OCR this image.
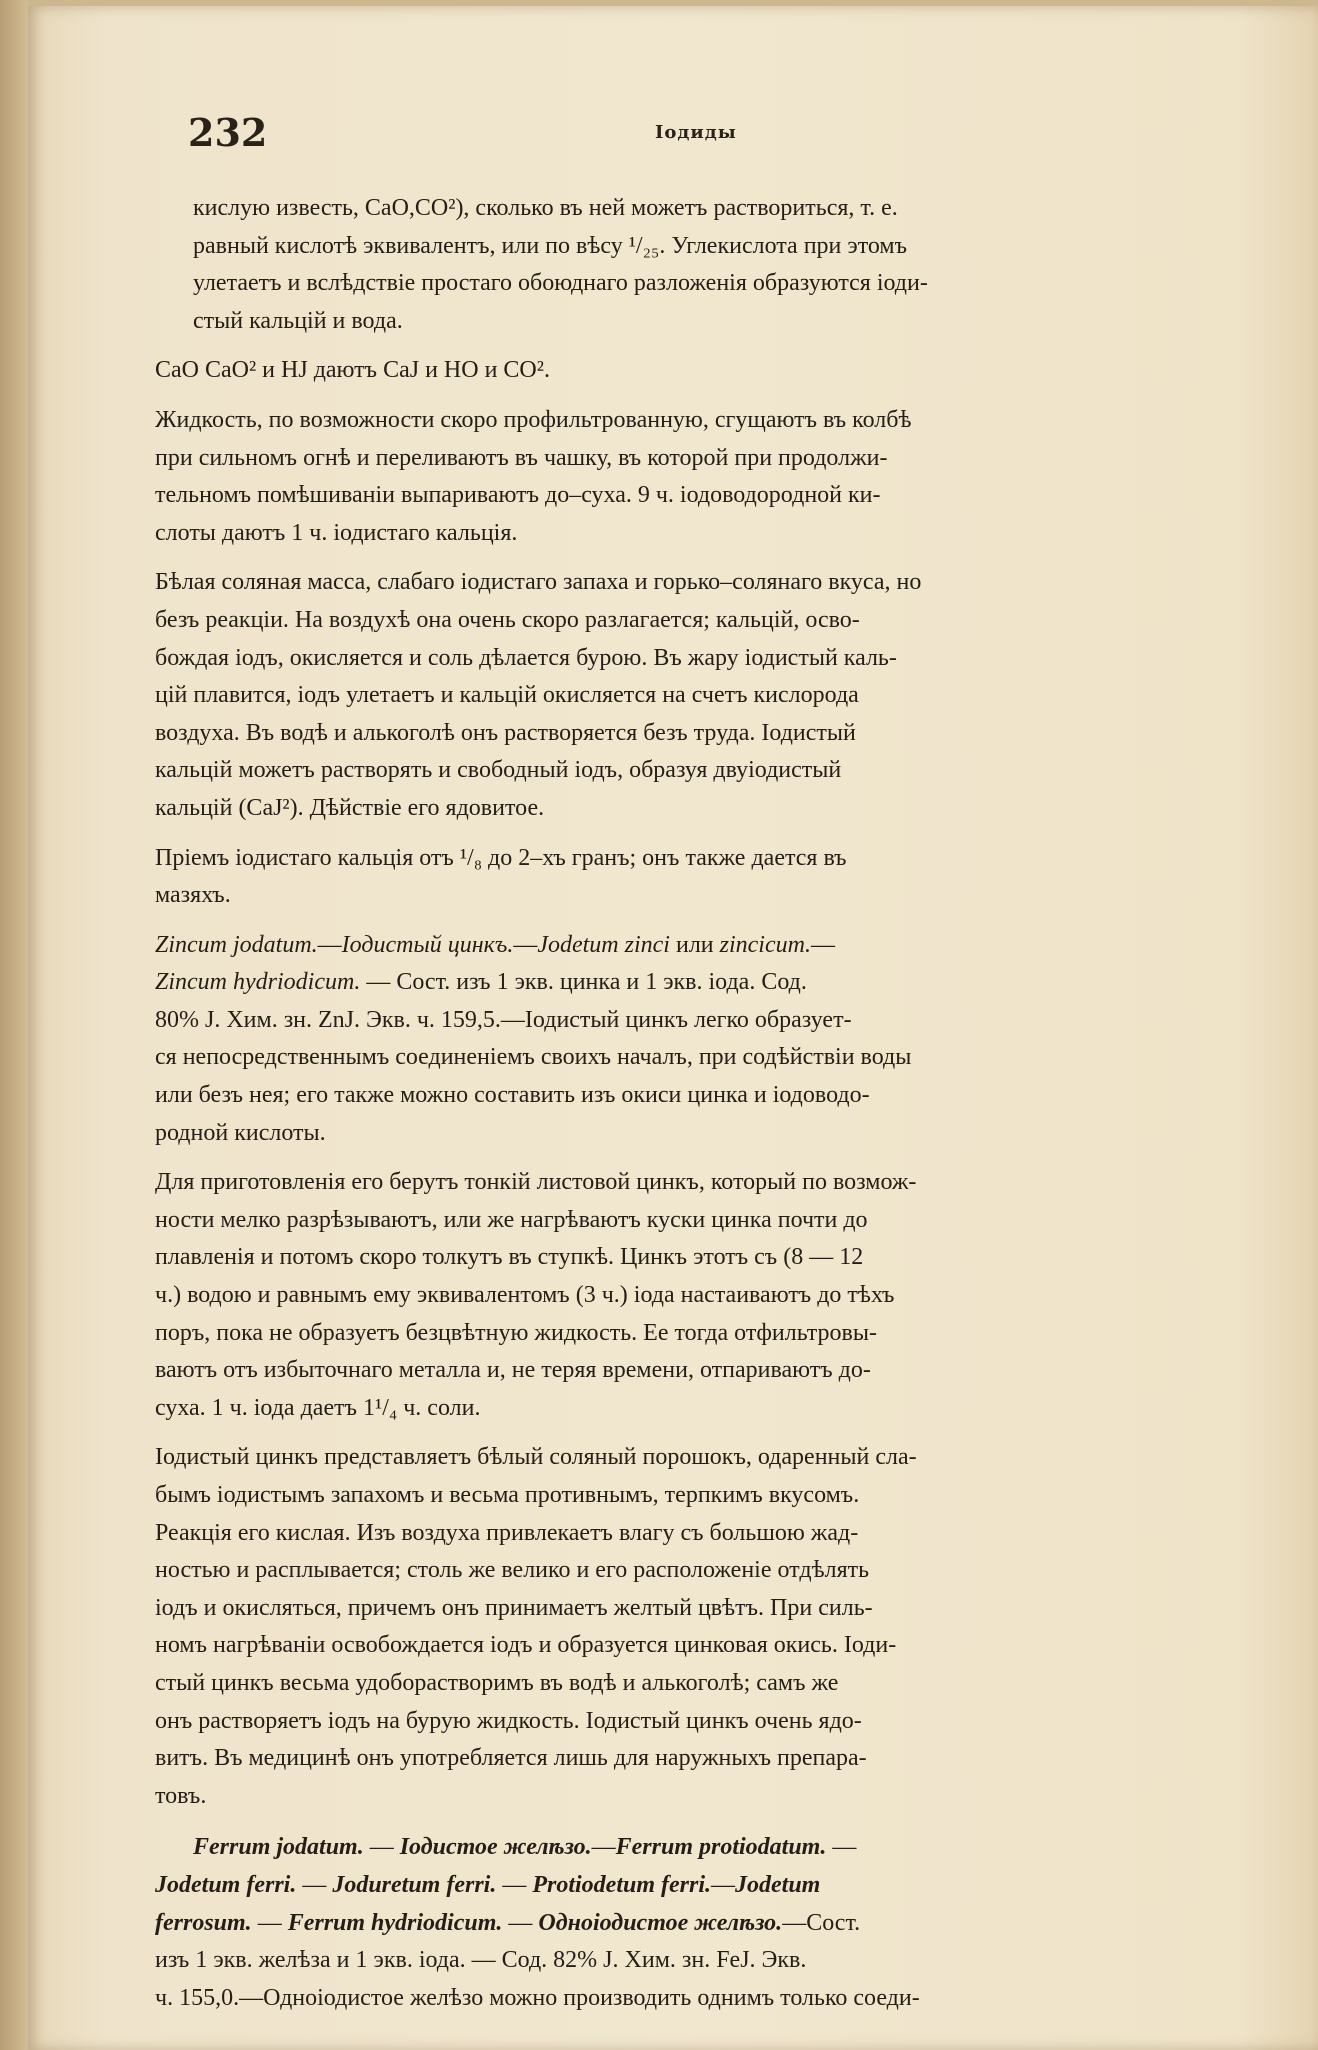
232	Іодиды

кислую известь, CaO,CO²), сколько въ ней можетъ раствориться, т. е.
равный кислотѣ эквивалентъ, или по вѣсу ¹/₂₅. Углекислота при этомъ
улетаетъ и вслѣдствіе простаго обоюднаго разложенія образуются іоди-
стый кальцій и вода.

CaO CaO² и HJ даютъ CaJ и HO и CO².

Жидкость, по возможности скоро профильтрованную, сгущаютъ въ колбѣ
при сильномъ огнѣ и переливаютъ въ чашку, въ которой при продолжи-
тельномъ помѣшиваніи выпариваютъ до–суха. 9 ч. іодоводородной ки-
слоты даютъ 1 ч. іодистаго кальція.

Бѣлая соляная масса, слабаго іодистаго запаха и горько–солянаго вкуса, но
безъ реакціи. На воздухѣ она очень скоро разлагается; кальцій, осво-
бождая іодъ, окисляется и соль дѣлается бурою. Въ жару іодистый каль-
цій плавится, іодъ улетаетъ и кальцій окисляется на счетъ кислорода
воздуха. Въ водѣ и алькоголѣ онъ растворяется безъ труда. Іодистый
кальцій можетъ растворять и свободный іодъ, образуя двуіодистый
кальцій (CaJ²). Дѣйствіе его ядовитое.

Пріемъ іодистаго кальція отъ ¹/₈ до 2–хъ гранъ; онъ также дается въ
мазяхъ.

Zincum jodatum.—Іодистый цинкъ.—Jodetum zinci или zincicum.—
Zincum hydriodicum. — Сост. изъ 1 экв. цинка и 1 экв. іода. Сод.
80% J. Хим. зн. ZnJ. Экв. ч. 159,5.—Іодистый цинкъ легко образует-
ся непосредственнымъ соединеніемъ своихъ началъ, при содѣйствіи воды
или безъ нея; его также можно составить изъ окиси цинка и іодоводо-
родной кислоты.

Для приготовленія его берутъ тонкій листовой цинкъ, который по возмож-
ности мелко разрѣзываютъ, или же нагрѣваютъ куски цинка почти до
плавленія и потомъ скоро толкутъ въ ступкѣ. Цинкъ этотъ съ (8 — 12
ч.) водою и равнымъ ему эквивалентомъ (3 ч.) іода настаиваютъ до тѣхъ
поръ, пока не образуетъ безцвѣтную жидкость. Ее тогда отфильтровы-
ваютъ отъ избыточнаго металла и, не теряя времени, отпариваютъ до-
суха. 1 ч. іода даетъ 1¹/₄ ч. соли.

Іодистый цинкъ представляетъ бѣлый соляный порошокъ, одаренный сла-
бымъ іодистымъ запахомъ и весьма противнымъ, терпкимъ вкусомъ.
Реакція его кислая. Изъ воздуха привлекаетъ влагу съ большою жад-
ностью и расплывается; столь же велико и его расположеніе отдѣлять
іодъ и окисляться, причемъ онъ принимаетъ желтый цвѣтъ. При силь-
номъ нагрѣваніи освобождается іодъ и образуется цинковая окись. Іоди-
стый цинкъ весьма удоборастворимъ въ водѣ и алькоголѣ; самъ же
онъ растворяетъ іодъ на бурую жидкость. Іодистый цинкъ очень ядо-
витъ. Въ медицинѣ онъ употребляется лишь для наружныхъ препара-
товъ.

Ferrum jodatum. — Іодистое желѣзо.—Ferrum protiodatum. —
Jodetum ferri. — Joduretum ferri. — Protiodetum ferri.—Jodetum
ferrosum. — Ferrum hydriodicum. — Одноіодистое желѣзо.—Сост.
изъ 1 экв. желѣза и 1 экв. іода. — Сод. 82% J. Хим. зн. FeJ. Экв.
ч. 155,0.—Одноіодистое желѣзо можно производить однимъ только соеди-
